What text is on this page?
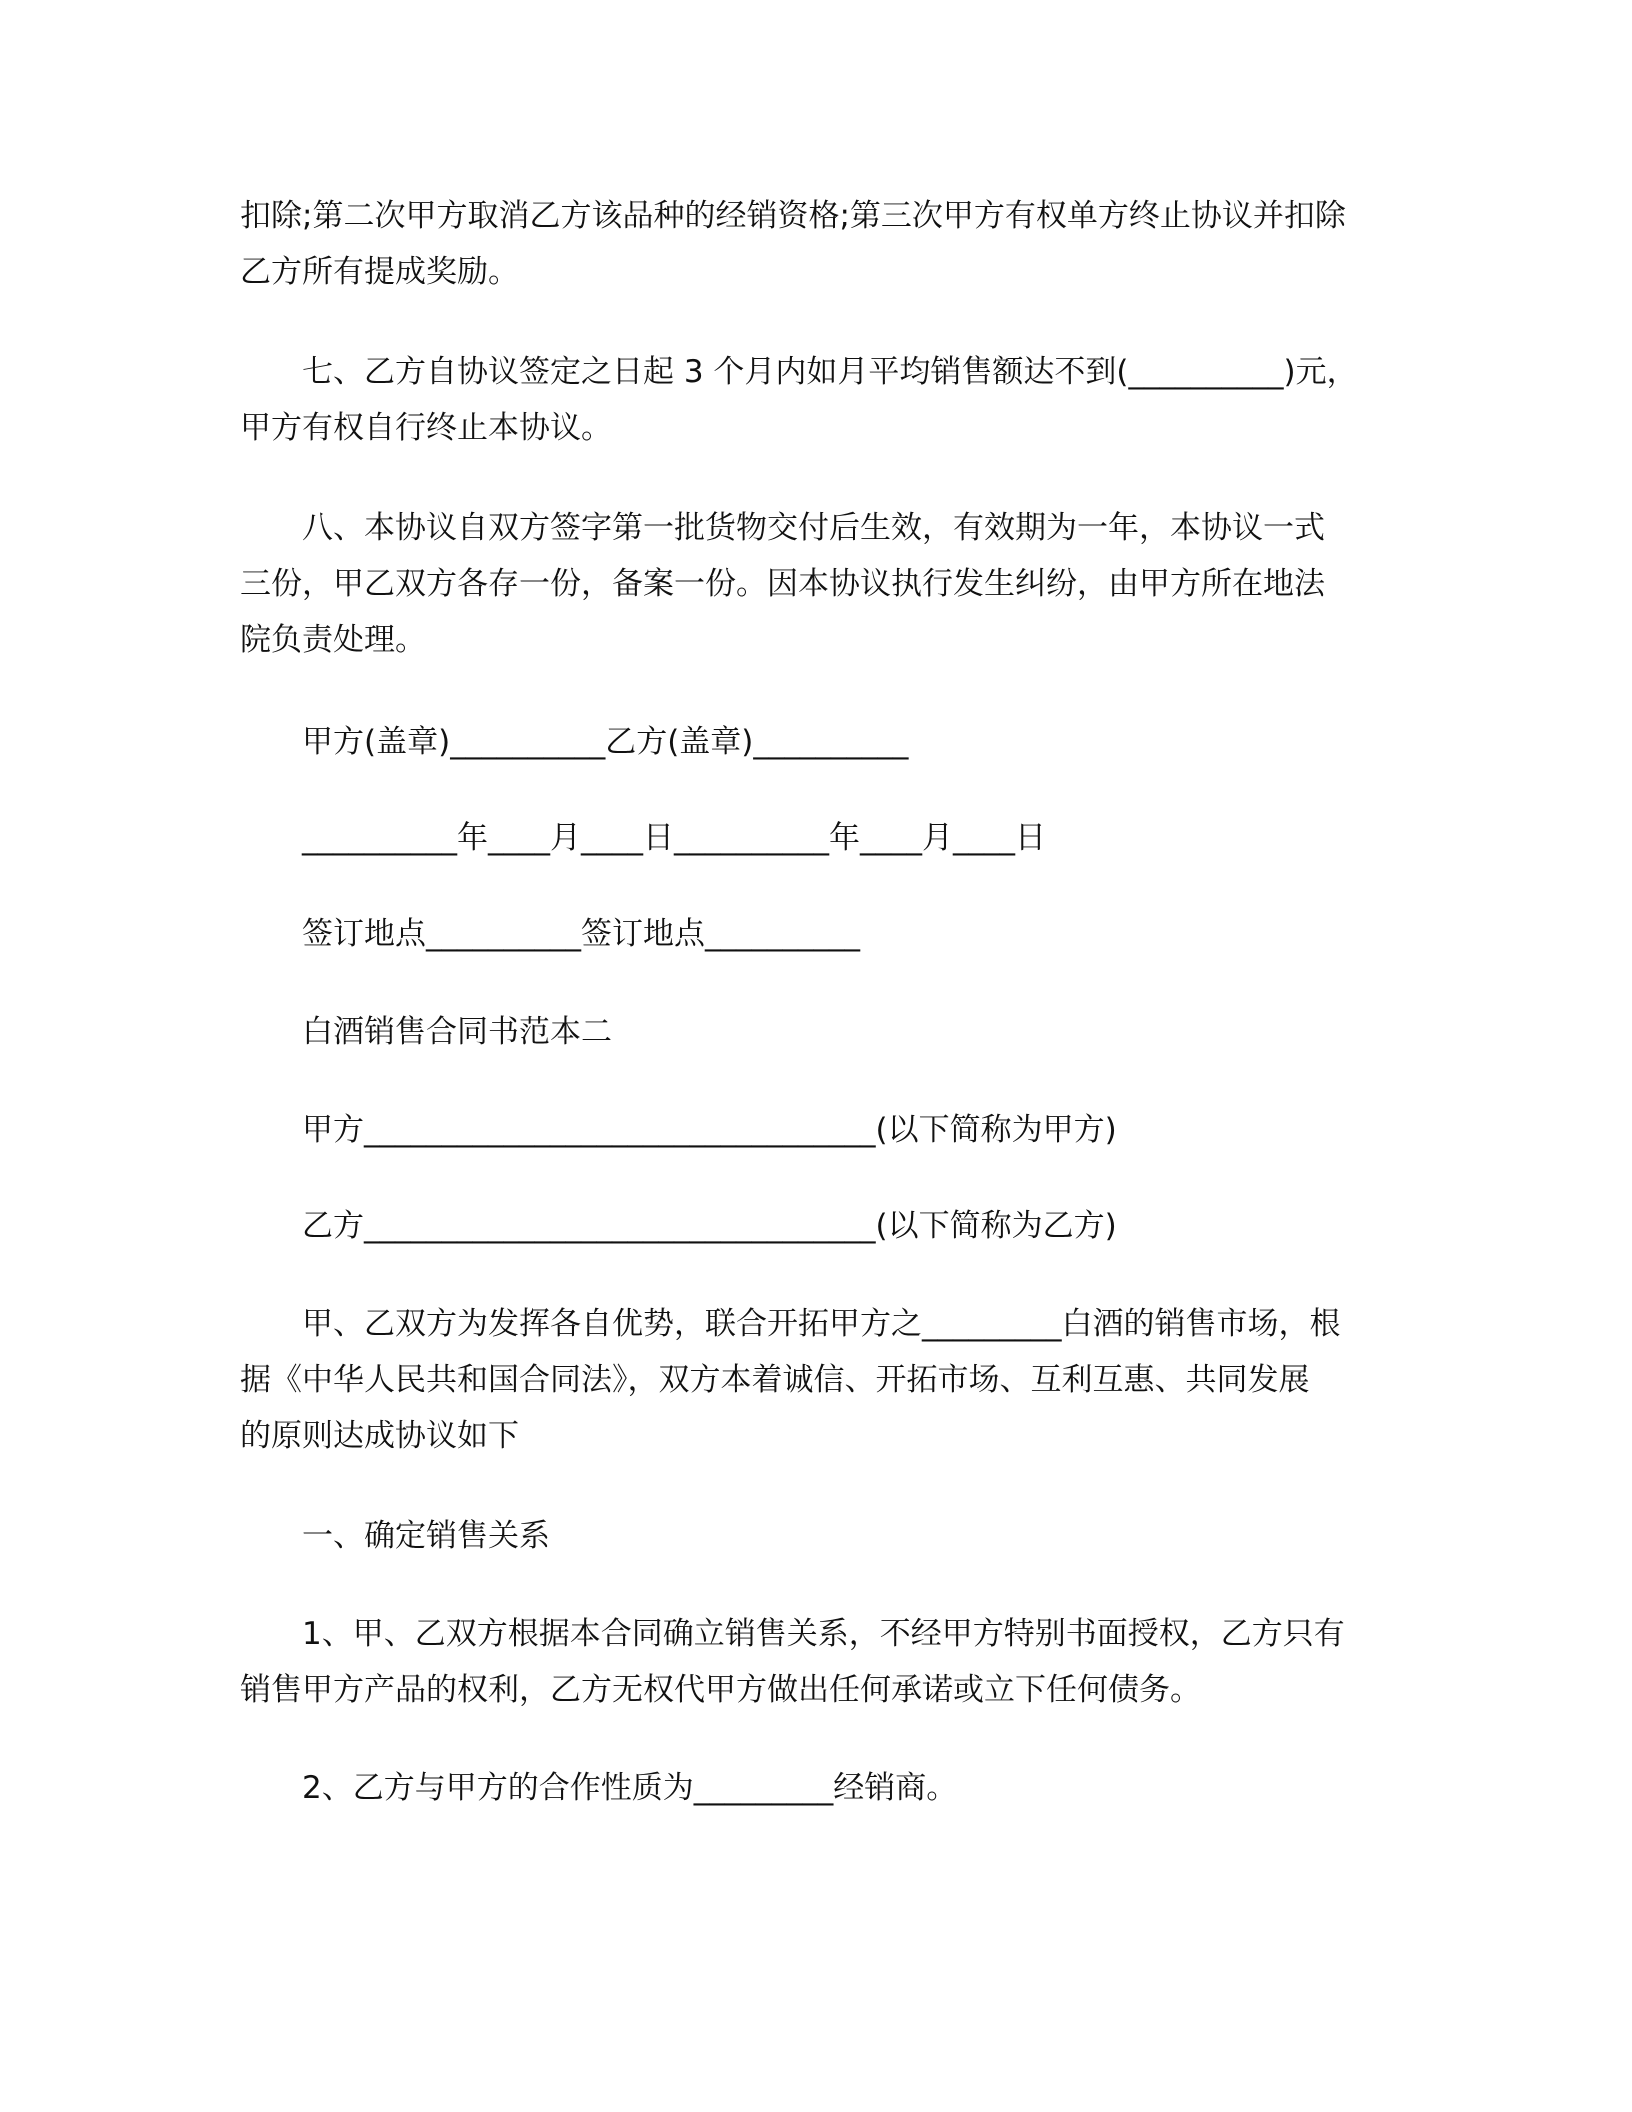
扣除;第二次甲方取消乙方该品种的经销资格;第三次甲方有权单方终止协议并扣除
乙方所有提成奖励。
七、乙方自协议签定之日起 3 个月内如月平均销售额达不到(__________)元，
甲方有权自行终止本协议。
八、本协议自双方签字第一批货物交付后生效，有效期为一年，本协议一式
三份，甲乙双方各存一份，备案一份。因本协议执行发生纠纷，由甲方所在地法
院负责处理。
甲方(盖章)__________乙方(盖章)__________
__________年____月____日__________年____月____日
签订地点__________签订地点__________
白酒销售合同书范本二
甲方_________________________________(以下简称为甲方)
乙方_________________________________(以下简称为乙方)
甲、乙双方为发挥各自优势，联合开拓甲方之_________白酒的销售市场，根
据《中华人民共和国合同法》，双方本着诚信、开拓市场、互利互惠、共同发展
的原则达成协议如下
一、确定销售关系
1、甲、乙双方根据本合同确立销售关系，不经甲方特别书面授权，乙方只有
销售甲方产品的权利，乙方无权代甲方做出任何承诺或立下任何债务。
2、乙方与甲方的合作性质为_________经销商。
